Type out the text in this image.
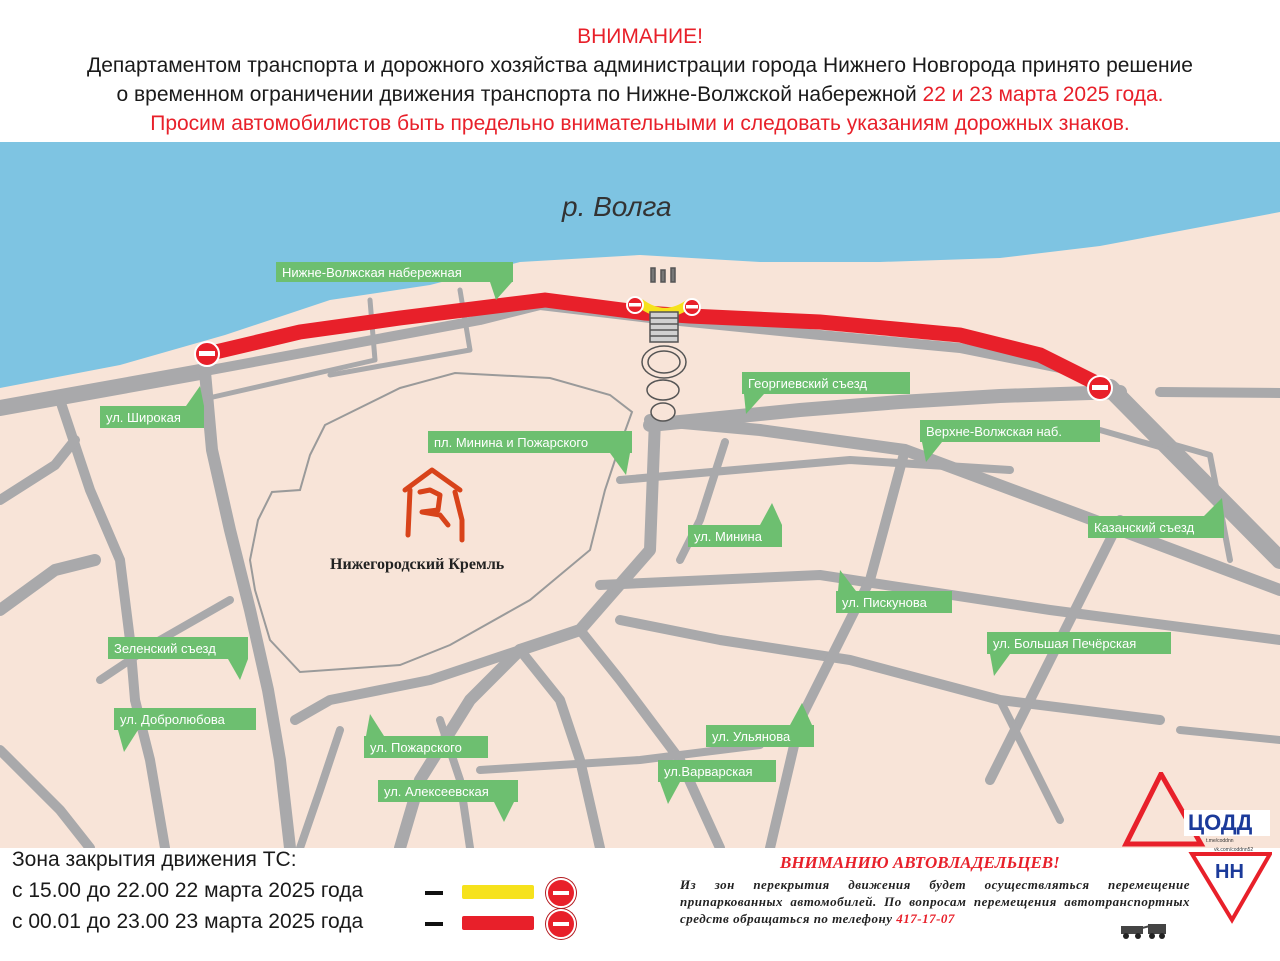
ВНИМАНИЕ!
Департаментом транспорта и дорожного хозяйства администрации города Нижнего Новгорода принято решение
о временном ограничении движения транспорта по Нижне-Волжской набережной 22 и 23 марта 2025 года.
Просим автомобилистов быть предельно внимательными и следовать указаниям дорожных знаков.
р. Волга
Нижегородский Кремль
Нижне-Волжская набережная
ул. Широкая
пл. Минина и Пожарского
Георгиевский съезд
Верхне-Волжская наб.
Казанский съезд
ул. Минина
ул. Пискунова
ул. Большая Печёрская
Зеленский съезд
ул. Добролюбова
ул. Пожарского
ул. Алексеевская
ул. Ульянова
ул.Варварская
Зона закрытия движения ТС:
с 15.00 до 22.00 22 марта 2025 года
с 00.01 до 23.00 23 марта 2025 года
ВНИМАНИЮ АВТОВЛАДЕЛЬЦЕВ!
Из зон перекрытия движения будет осуществляться перемещение припаркованных автомобилей. По вопросам перемещения автотранспортных средств обращаться по телефону 417-17-07
ЦОДД
t.me/coddnn
vk.com/coddnn52
НН
